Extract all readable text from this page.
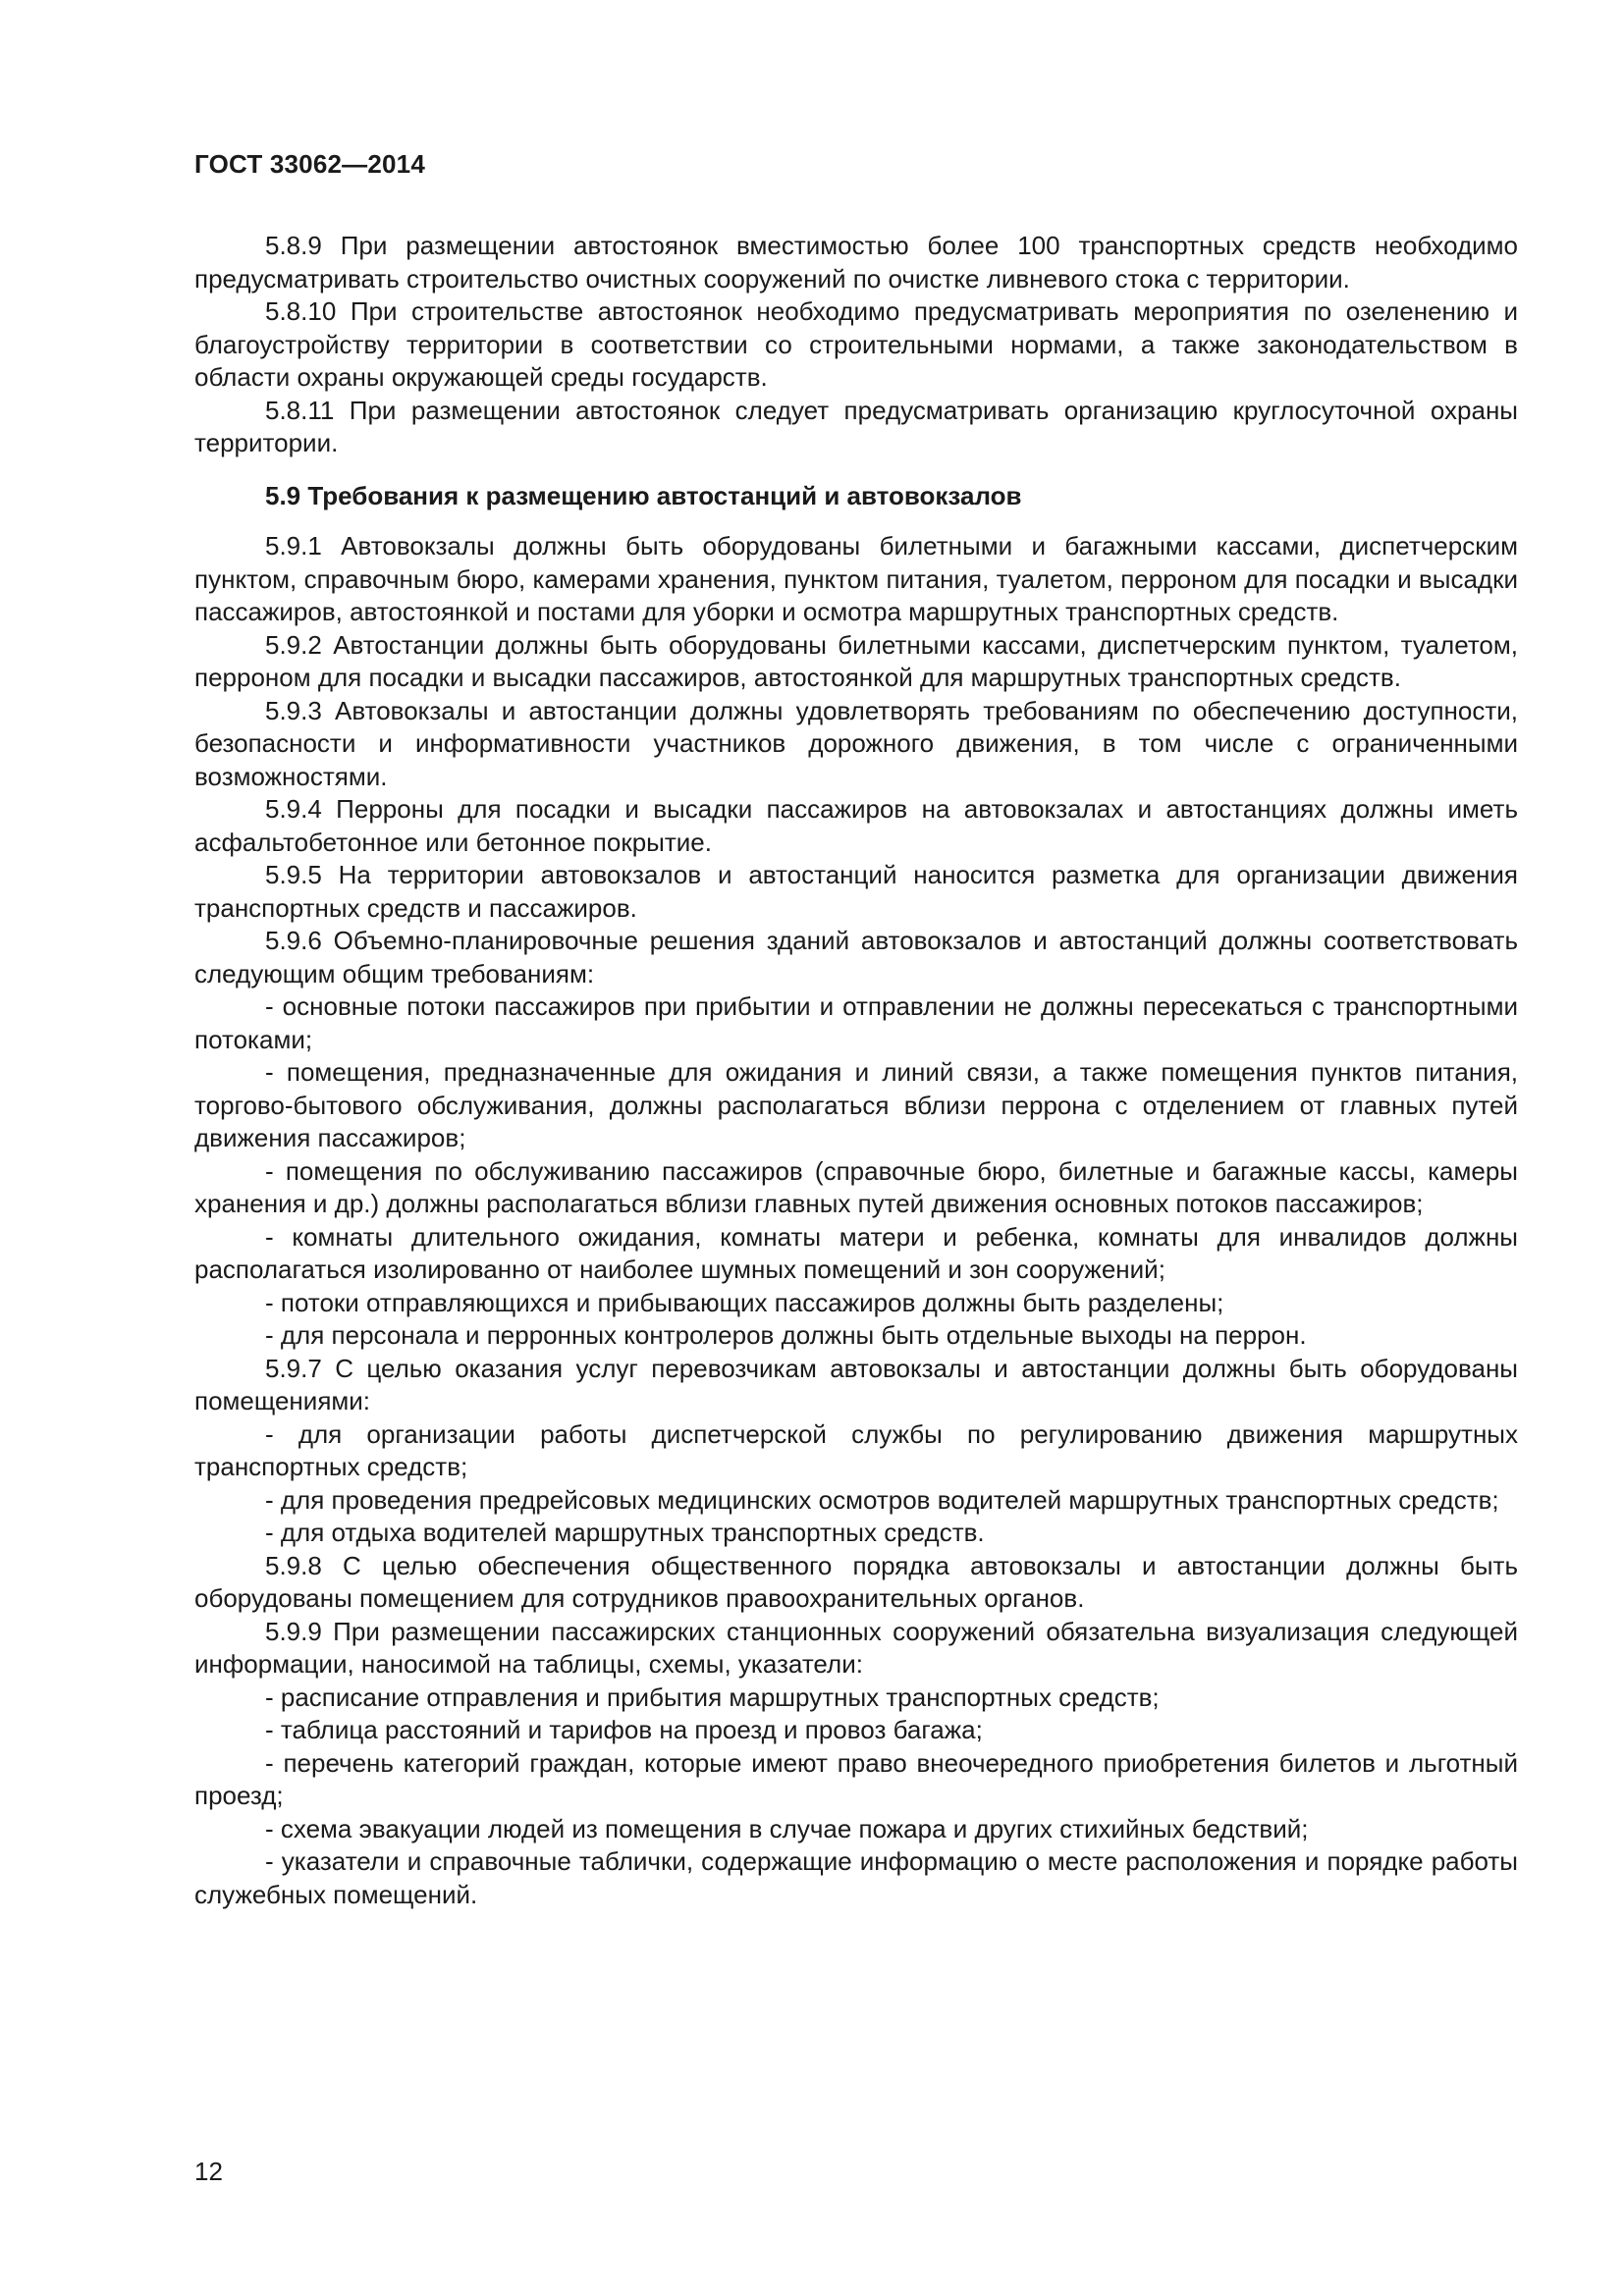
ГОСТ 33062—2014

5.8.9 При размещении автостоянок вместимостью более 100 транспортных средств необходимо предусматривать строительство очистных сооружений по очистке ливневого стока с территории.

5.8.10 При строительстве автостоянок необходимо предусматривать мероприятия по озеленению и благоустройству территории в соответствии со строительными нормами, а также законодательством в области охраны окружающей среды государств.

5.8.11 При размещении автостоянок следует предусматривать организацию круглосуточной охраны территории.

5.9 Требования к размещению автостанций и автовокзалов

5.9.1 Автовокзалы должны быть оборудованы билетными и багажными кассами, диспетчерским пунктом, справочным бюро, камерами хранения, пунктом питания, туалетом, перроном для посадки и высадки пассажиров, автостоянкой и постами для уборки и осмотра маршрутных транспортных средств.

5.9.2 Автостанции должны быть оборудованы билетными кассами, диспетчерским пунктом, туалетом, перроном для посадки и высадки пассажиров, автостоянкой для маршрутных транспортных средств.

5.9.3 Автовокзалы и автостанции должны удовлетворять требованиям по обеспечению доступности, безопасности и информативности участников дорожного движения, в том числе с ограниченными возможностями.

5.9.4 Перроны для посадки и высадки пассажиров на автовокзалах и автостанциях должны иметь асфальтобетонное или бетонное покрытие.

5.9.5 На территории автовокзалов и автостанций наносится разметка для организации движения транспортных средств и пассажиров.

5.9.6 Объемно-планировочные решения зданий автовокзалов и автостанций должны соответствовать следующим общим требованиям:

- основные потоки пассажиров при прибытии и отправлении не должны пересекаться с транспортными потоками;

- помещения, предназначенные для ожидания и линий связи, а также помещения пунктов питания, торгово-бытового обслуживания, должны располагаться вблизи перрона с отделением от главных путей движения пассажиров;

- помещения по обслуживанию пассажиров (справочные бюро, билетные и багажные кассы, камеры хранения и др.) должны располагаться вблизи главных путей движения основных потоков пассажиров;

- комнаты длительного ожидания, комнаты матери и ребенка, комнаты для инвалидов должны располагаться изолированно от наиболее шумных помещений и зон сооружений;

- потоки отправляющихся и прибывающих пассажиров должны быть разделены;

- для персонала и перронных контролеров должны быть отдельные выходы на перрон.

5.9.7 С целью оказания услуг перевозчикам автовокзалы и автостанции должны быть оборудованы помещениями:

- для организации работы диспетчерской службы по регулированию движения маршрутных транспортных средств;

- для проведения предрейсовых медицинских осмотров водителей маршрутных транспортных средств;

- для отдыха водителей маршрутных транспортных средств.

5.9.8 С целью обеспечения общественного порядка автовокзалы и автостанции должны быть оборудованы помещением для сотрудников правоохранительных органов.

5.9.9 При размещении пассажирских станционных сооружений обязательна визуализация следующей информации, наносимой на таблицы, схемы, указатели:

- расписание отправления и прибытия маршрутных транспортных средств;

- таблица расстояний и тарифов на проезд и провоз багажа;

- перечень категорий граждан, которые имеют право внеочередного приобретения билетов и льготный проезд;

- схема эвакуации людей из помещения в случае пожара и других стихийных бедствий;

- указатели и справочные таблички, содержащие информацию о месте расположения и порядке работы служебных помещений.

12
